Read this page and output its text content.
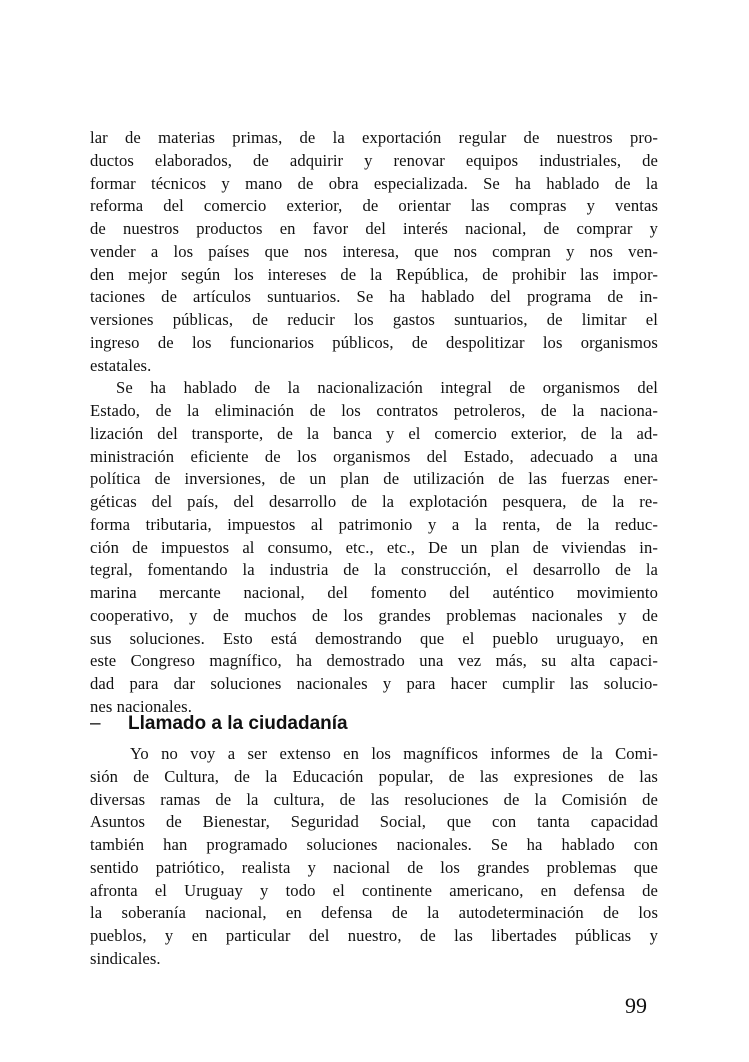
lar de materias primas, de la exportación regular de nuestros pro-
ductos elaborados, de adquirir y renovar equipos industriales, de
formar técnicos y mano de obra especializada. Se ha hablado de la
reforma del comercio exterior, de orientar las compras y ventas
de nuestros productos en favor del interés nacional, de comprar y
vender a los países que nos interesa, que nos compran y nos ven-
den mejor según los intereses de la República, de prohibir las impor-
taciones de artículos suntuarios. Se ha hablado del programa de in-
versiones públicas, de reducir los gastos suntuarios, de limitar el
ingreso de los funcionarios públicos, de despolitizar los organismos
estatales.
Se ha hablado de la nacionalización integral de organismos del
Estado, de la eliminación de los contratos petroleros, de la naciona-
lización del transporte, de la banca y el comercio exterior, de la ad-
ministración eficiente de los organismos del Estado, adecuado a una
política de inversiones, de un plan de utilización de las fuerzas ener-
géticas del país, del desarrollo de la explotación pesquera, de la re-
forma tributaria, impuestos al patrimonio y a la renta, de la reduc-
ción de impuestos al consumo, etc., etc., De un plan de viviendas in-
tegral, fomentando la industria de la construcción, el desarrollo de la
marina mercante nacional, del fomento del auténtico movimiento
cooperativo, y de muchos de los grandes problemas nacionales y de
sus soluciones. Esto está demostrando que el pueblo uruguayo, en
este Congreso magnífico, ha demostrado una vez más, su alta capaci-
dad para dar soluciones nacionales y para hacer cumplir las solucio-
nes nacionales.
– Llamado a la ciudadanía
Yo no voy a ser extenso en los magníficos informes de la Comi-
sión de Cultura, de la Educación popular, de las expresiones de las
diversas ramas de la cultura, de las resoluciones de la Comisión de
Asuntos de Bienestar, Seguridad Social, que con tanta capacidad
también han programado soluciones nacionales. Se ha hablado con
sentido patriótico, realista y nacional de los grandes problemas que
afronta el Uruguay y todo el continente americano, en defensa de
la soberanía nacional, en defensa de la autodeterminación de los
pueblos, y en particular del nuestro, de las libertades públicas y
sindicales.
99
